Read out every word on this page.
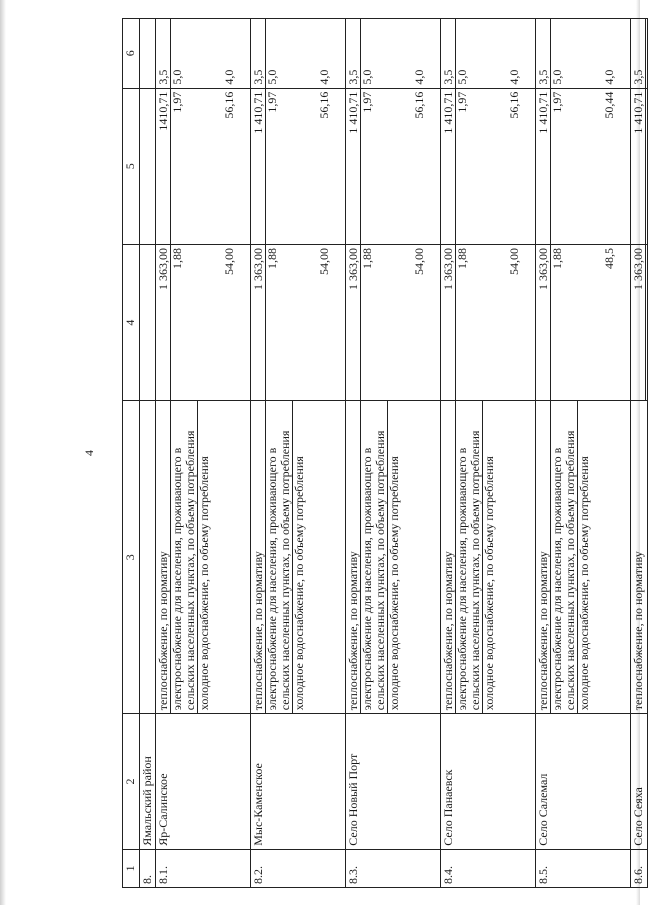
4
1	2	3	4	5	6
8.	Ямальский район				
8.1.	Яр-Салинское	теплоснабжение, по нормативу электроснабжение для населения, проживающего в сельских населенных пунктах, по объему потребления холодное водоснабжение, по объему потребления	1 363,00 1,88 54,00	1410,71 1,97 56,16	3,5 5,0 4,0

8.2.	Мыс-Каменское	теплоснабжение, по нормативу электроснабжение для населения, проживающего в сельских населенных пунктах, по объему потребления холодное водоснабжение, по объему потребления	1 363,00 1,88 54,00	1 410,71 1,97 56,16	3,5 5,0 4,0

8.3.	Село Новый Порт	теплоснабжение, по нормативу электроснабжение для населения, проживающего в сельских населенных пунктах, по объему потребления холодное водоснабжение, по объему потребления	1 363,00 1,88 54,00	1 410,71 1,97 56,16	3,5 5,0 4,0

8.4.	Село Панаевск	теплоснабжение, по нормативу электроснабжение для населения, проживающего в сельских населенных пунктах, по объему потребления холодное водоснабжение, по объему потребления	1 363,00 1,88 54,00	1 410,71 1,97 56,16	3,5 5,0 4,0

8.5.	Село Салемал	теплоснабжение, по нормативу электроснабжение для населения, проживающего в сельских населенных пунктах, по объему потребления холодное водоснабжение, по объему потребления	1 363,00 1,88 48,5	1 410,71 1,97 50,44	3,5 5,0 4,0

8.6.	Село Сеяха	теплоснабжение, по нормативу	1 363,00	1 410,71	3,5
